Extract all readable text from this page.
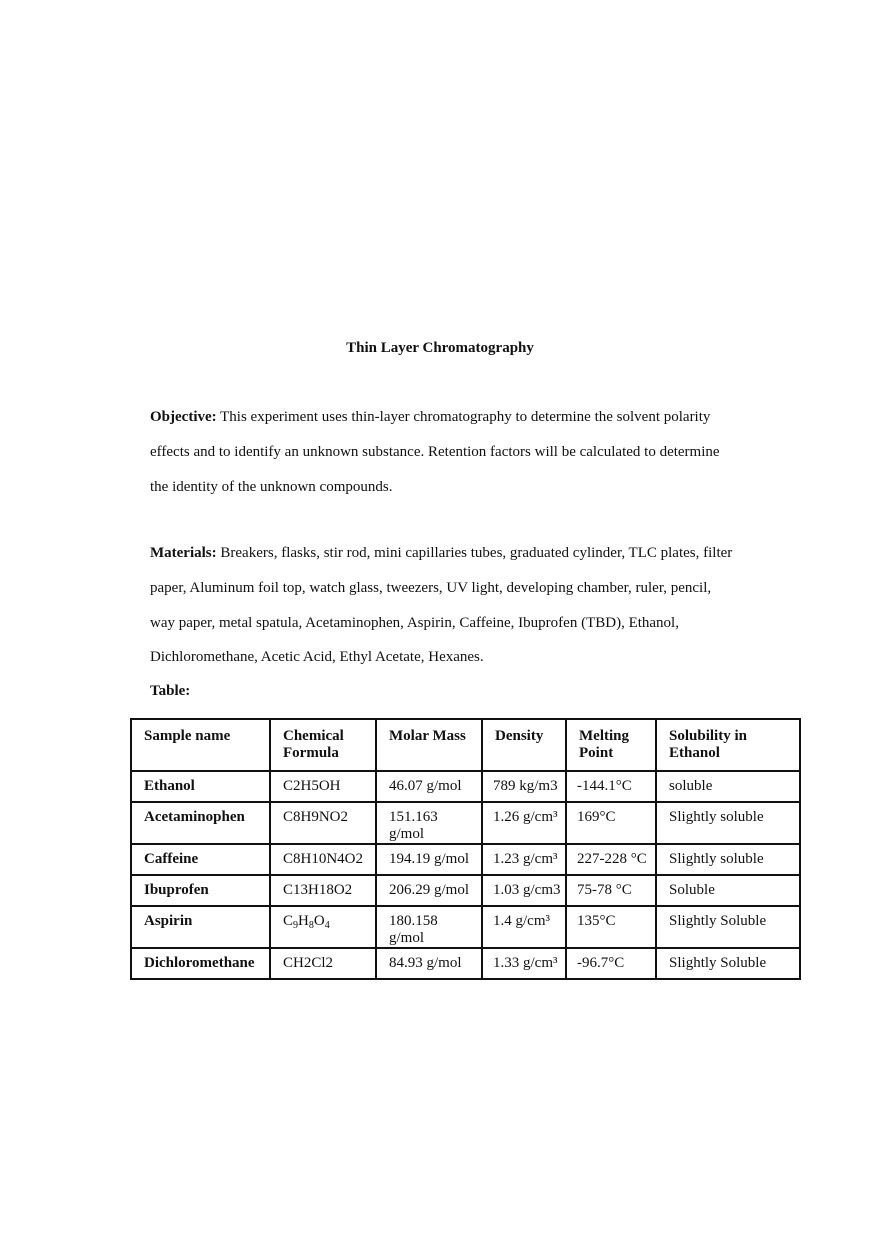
Thin Layer Chromatography
Objective: This experiment uses thin-layer chromatography to determine the solvent polarity
effects and to identify an unknown substance. Retention factors will be calculated to determine
the identity of the unknown compounds.
Materials: Breakers, flasks, stir rod, mini capillaries tubes, graduated cylinder, TLC plates, filter
paper, Aluminum foil top, watch glass, tweezers, UV light, developing chamber, ruler, pencil,
way paper, metal spatula, Acetaminophen, Aspirin, Caffeine, Ibuprofen (TBD), Ethanol,
Dichloromethane, Acetic Acid, Ethyl Acetate, Hexanes.
Table:
Sample name	Chemical Formula	Molar Mass	Density	Melting Point	Solubility in Ethanol
Ethanol	C2H5OH	46.07 g/mol	789 kg/m3	-144.1°C	soluble
Acetaminophen	C8H9NO2	151.163 g/mol	1.26 g/cm³	169°C	Slightly soluble
Caffeine	C8H10N4O2	194.19 g/mol	1.23 g/cm³	227-228 °C	Slightly soluble
Ibuprofen	C13H18O2	206.29 g/mol	1.03 g/cm3	75-78 °C	Soluble
Aspirin	$C_9H_8O_4$	180.158 g/mol	1.4 g/cm³	135°C	Slightly Soluble
Dichloromethane	CH2Cl2	84.93 g/mol	1.33 g/cm³	-96.7°C	Slightly Soluble
